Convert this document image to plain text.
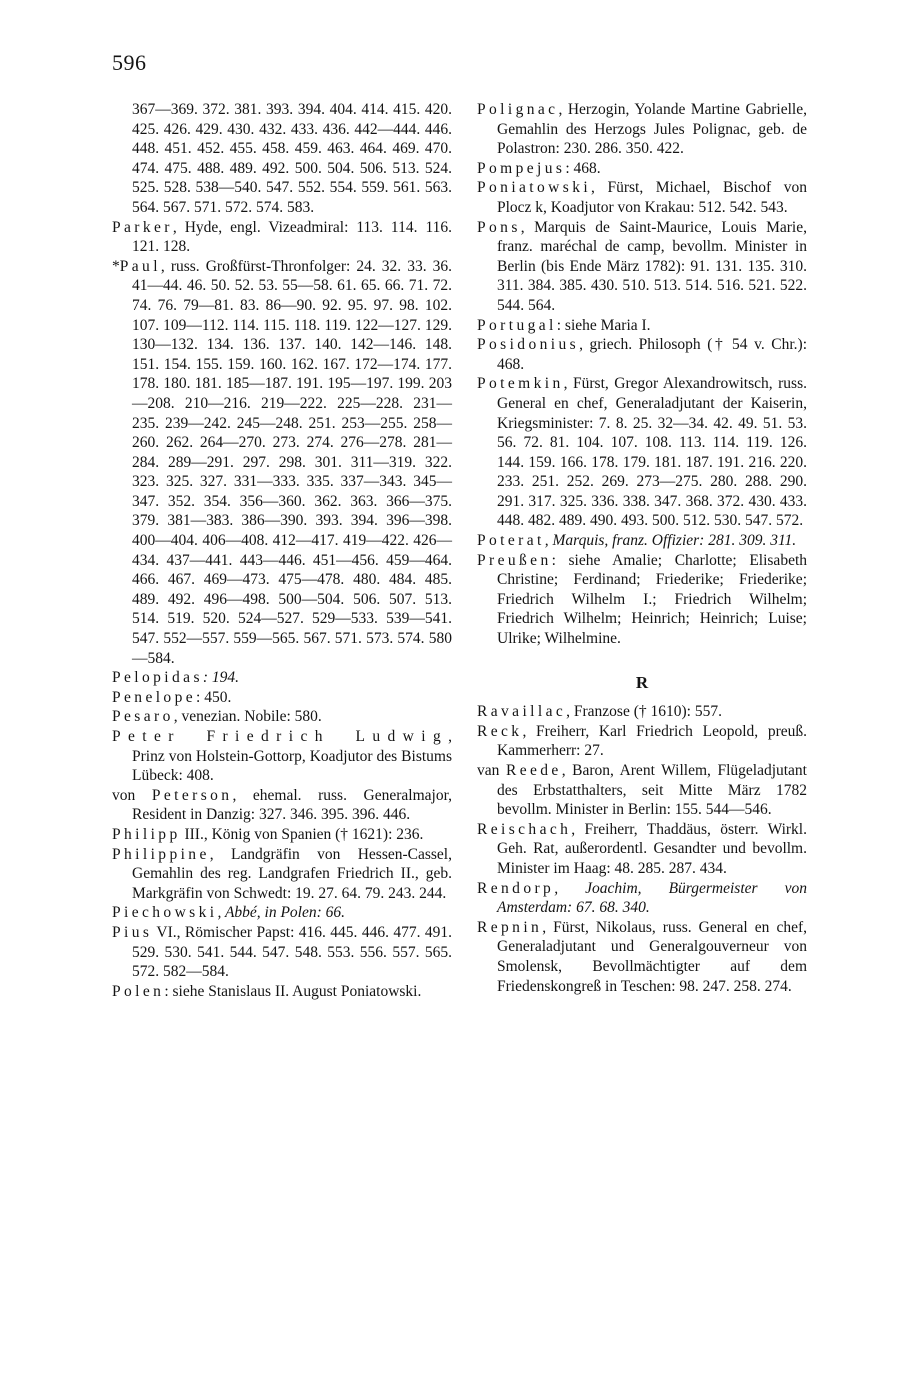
596

367—369. 372. 381. 393. 394. 404. 414. 415. 420. 425. 426. 429. 430. 432. 433. 436. 442—444. 446. 448. 451. 452. 455. 458. 459. 463. 464. 469. 470. 474. 475. 488. 489. 492. 500. 504. 506. 513. 524. 525. 528. 538—540. 547. 552. 554. 559. 561. 563. 564. 567. 571. 572. 574. 583.

Parker, Hyde, engl. Vizeadmiral: 113. 114. 116. 121. 128.

*Paul, russ. Großfürst-Thronfolger: 24. 32. 33. 36. 41—44. 46. 50. 52. 53. 55—58. 61. 65. 66. 71. 72. 74. 76. 79—81. 83. 86—90. 92. 95. 97. 98. 102. 107. 109—112. 114. 115. 118. 119. 122—127. 129. 130—132. 134. 136. 137. 140. 142—146. 148. 151. 154. 155. 159. 160. 162. 167. 172—174. 177. 178. 180. 181. 185—187. 191. 195—197. 199. 203—208. 210—216. 219—222. 225—228. 231—235. 239—242. 245—248. 251. 253—255. 258—260. 262. 264—270. 273. 274. 276—278. 281—284. 289—291. 297. 298. 301. 311—319. 322. 323. 325. 327. 331—333. 335. 337—343. 345—347. 352. 354. 356—360. 362. 363. 366—375. 379. 381—383. 386—390. 393. 394. 396—398. 400—404. 406—408. 412—417. 419—422. 426—434. 437—441. 443—446. 451—456. 459—464. 466. 467. 469—473. 475—478. 480. 484. 485. 489. 492. 496—498. 500—504. 506. 507. 513. 514. 519. 520. 524—527. 529—533. 539—541. 547. 552—557. 559—565. 567. 571. 573. 574. 580—584.

Pelopidas: 194.

Penelope: 450.

Pesaro, venezian. Nobile: 580.

Peter Friedrich Ludwig, Prinz von Holstein-Gottorp, Koadjutor des Bistums Lübeck: 408.

von Peterson, ehemal. russ. Generalmajor, Resident in Danzig: 327. 346. 395. 396. 446.

Philipp III., König von Spanien († 1621): 236.

Philippine, Landgräfin von Hessen-Cassel, Gemahlin des reg. Landgrafen Friedrich II., geb. Markgräfin von Schwedt: 19. 27. 64. 79. 243. 244.

Piechowski, Abbé, in Polen: 66.

Pius VI., Römischer Papst: 416. 445. 446. 477. 491. 529. 530. 541. 544. 547. 548. 553. 556. 557. 565. 572. 582—584.

Polen: siehe Stanislaus II. August Poniatowski.

Polignac, Herzogin, Yolande Martine Gabrielle, Gemahlin des Herzogs Jules Polignac, geb. de Polastron: 230. 286. 350. 422.

Pompejus: 468.

Poniatowski, Fürst, Michael, Bischof von Plocz k, Koadjutor von Krakau: 512. 542. 543.

Pons, Marquis de Saint-Maurice, Louis Marie, franz. maréchal de camp, bevollm. Minister in Berlin (bis Ende März 1782): 91. 131. 135. 310. 311. 384. 385. 430. 510. 513. 514. 516. 521. 522. 544. 564.

Portugal: siehe Maria I.

Posidonius, griech. Philosoph († 54 v. Chr.): 468.

Potemkin, Fürst, Gregor Alexandrowitsch, russ. General en chef, Generaladjutant der Kaiserin, Kriegsminister: 7. 8. 25. 32—34. 42. 49. 51. 53. 56. 72. 81. 104. 107. 108. 113. 114. 119. 126. 144. 159. 166. 178. 179. 181. 187. 191. 216. 220. 233. 251. 252. 269. 273—275. 280. 288. 290. 291. 317. 325. 336. 338. 347. 368. 372. 430. 433. 448. 482. 489. 490. 493. 500. 512. 530. 547. 572.

Poterat, Marquis, franz. Offizier: 281. 309. 311.

Preußen: siehe Amalie; Charlotte; Elisabeth Christine; Ferdinand; Friederike; Friederike; Friedrich Wilhelm I.; Friedrich Wilhelm; Friedrich Wilhelm; Heinrich; Heinrich; Luise; Ulrike; Wilhelmine.

R

Ravaillac, Franzose († 1610): 557.

Reck, Freiherr, Karl Friedrich Leopold, preuß. Kammerherr: 27.

van Reede, Baron, Arent Willem, Flügeladjutant des Erbstatthalters, seit Mitte März 1782 bevollm. Minister in Berlin: 155. 544—546.

Reischach, Freiherr, Thaddäus, österr. Wirkl. Geh. Rat, außerordentl. Gesandter und bevollm. Minister im Haag: 48. 285. 287. 434.

Rendorp, Joachim, Bürgermeister von Amsterdam: 67. 68. 340.

Repnin, Fürst, Nikolaus, russ. General en chef, Generaladjutant und Generalgouverneur von Smolensk, Bevollmächtigter auf dem Friedenskongreß in Teschen: 98. 247. 258. 274.
